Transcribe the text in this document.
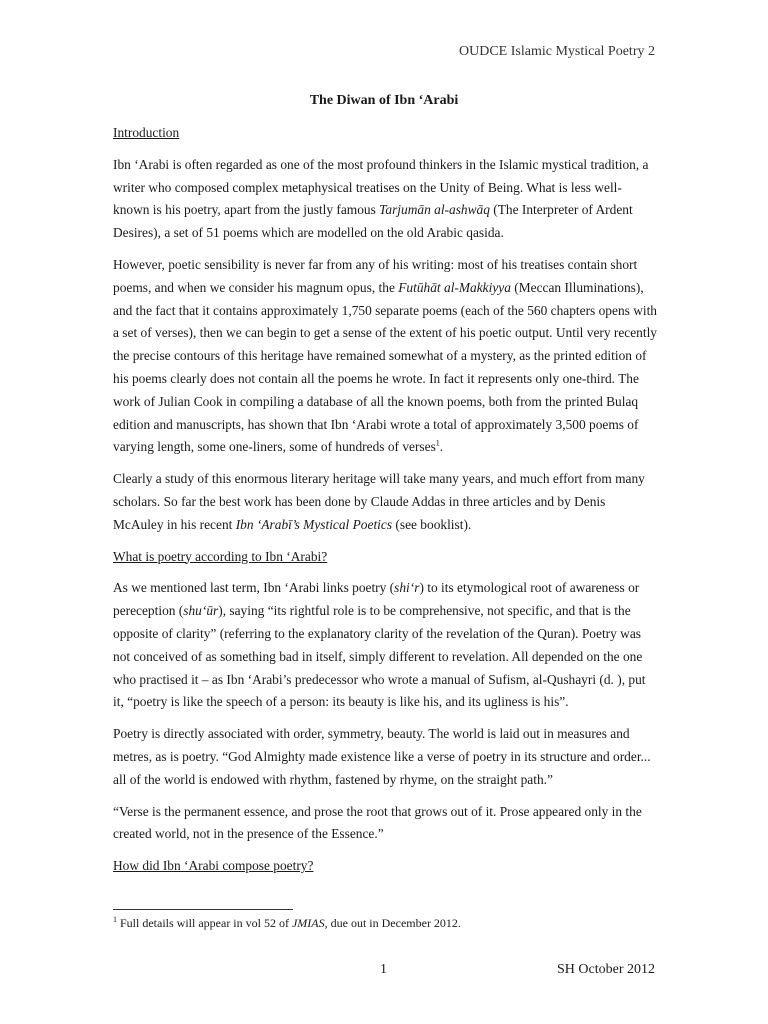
OUDCE Islamic Mystical Poetry 2
The Diwan of Ibn ‘Arabi

Introduction

Ibn ‘Arabi is often regarded as one of the most profound thinkers in the Islamic mystical tradition, a writer who composed complex metaphysical treatises on the Unity of Being. What is less well-known is his poetry, apart from the justly famous Tarjumān al-ashwāq (The Interpreter of Ardent Desires), a set of 51 poems which are modelled on the old Arabic qasida.

However, poetic sensibility is never far from any of his writing: most of his treatises contain short poems, and when we consider his magnum opus, the Futūhāt al-Makkiyya (Meccan Illuminations), and the fact that it contains approximately 1,750 separate poems (each of the 560 chapters opens with a set of verses), then we can begin to get a sense of the extent of his poetic output. Until very recently the precise contours of this heritage have remained somewhat of a mystery, as the printed edition of his poems clearly does not contain all the poems he wrote. In fact it represents only one-third. The work of Julian Cook in compiling a database of all the known poems, both from the printed Bulaq edition and manuscripts, has shown that Ibn ‘Arabi wrote a total of approximately 3,500 poems of varying length, some one-liners, some of hundreds of verses$^1$.

Clearly a study of this enormous literary heritage will take many years, and much effort from many scholars. So far the best work has been done by Claude Addas in three articles and by Denis McAuley in his recent Ibn ‘Arabī’s Mystical Poetics (see booklist).

What is poetry according to Ibn ‘Arabi?

As we mentioned last term, Ibn ‘Arabi links poetry (shi‘r) to its etymological root of awareness or pereception (shu‘ūr), saying “its rightful role is to be comprehensive, not specific, and that is the opposite of clarity” (referring to the explanatory clarity of the revelation of the Quran). Poetry was not conceived of as something bad in itself, simply different to revelation. All depended on the one who practised it – as Ibn ‘Arabi’s predecessor who wrote a manual of Sufism, al-Qushayri (d. ), put it, “poetry is like the speech of a person: its beauty is like his, and its ugliness is his”.

Poetry is directly associated with order, symmetry, beauty. The world is laid out in measures and metres, as is poetry. “God Almighty made existence like a verse of poetry in its structure and order... all of the world is endowed with rhythm, fastened by rhyme, on the straight path.”

“Verse is the permanent essence, and prose the root that grows out of it. Prose appeared only in the created world, not in the presence of the Essence.”

How did Ibn ‘Arabi compose poetry?

$^1$ Full details will appear in vol 52 of JMIAS, due out in December 2012.
1	SH October 2012
